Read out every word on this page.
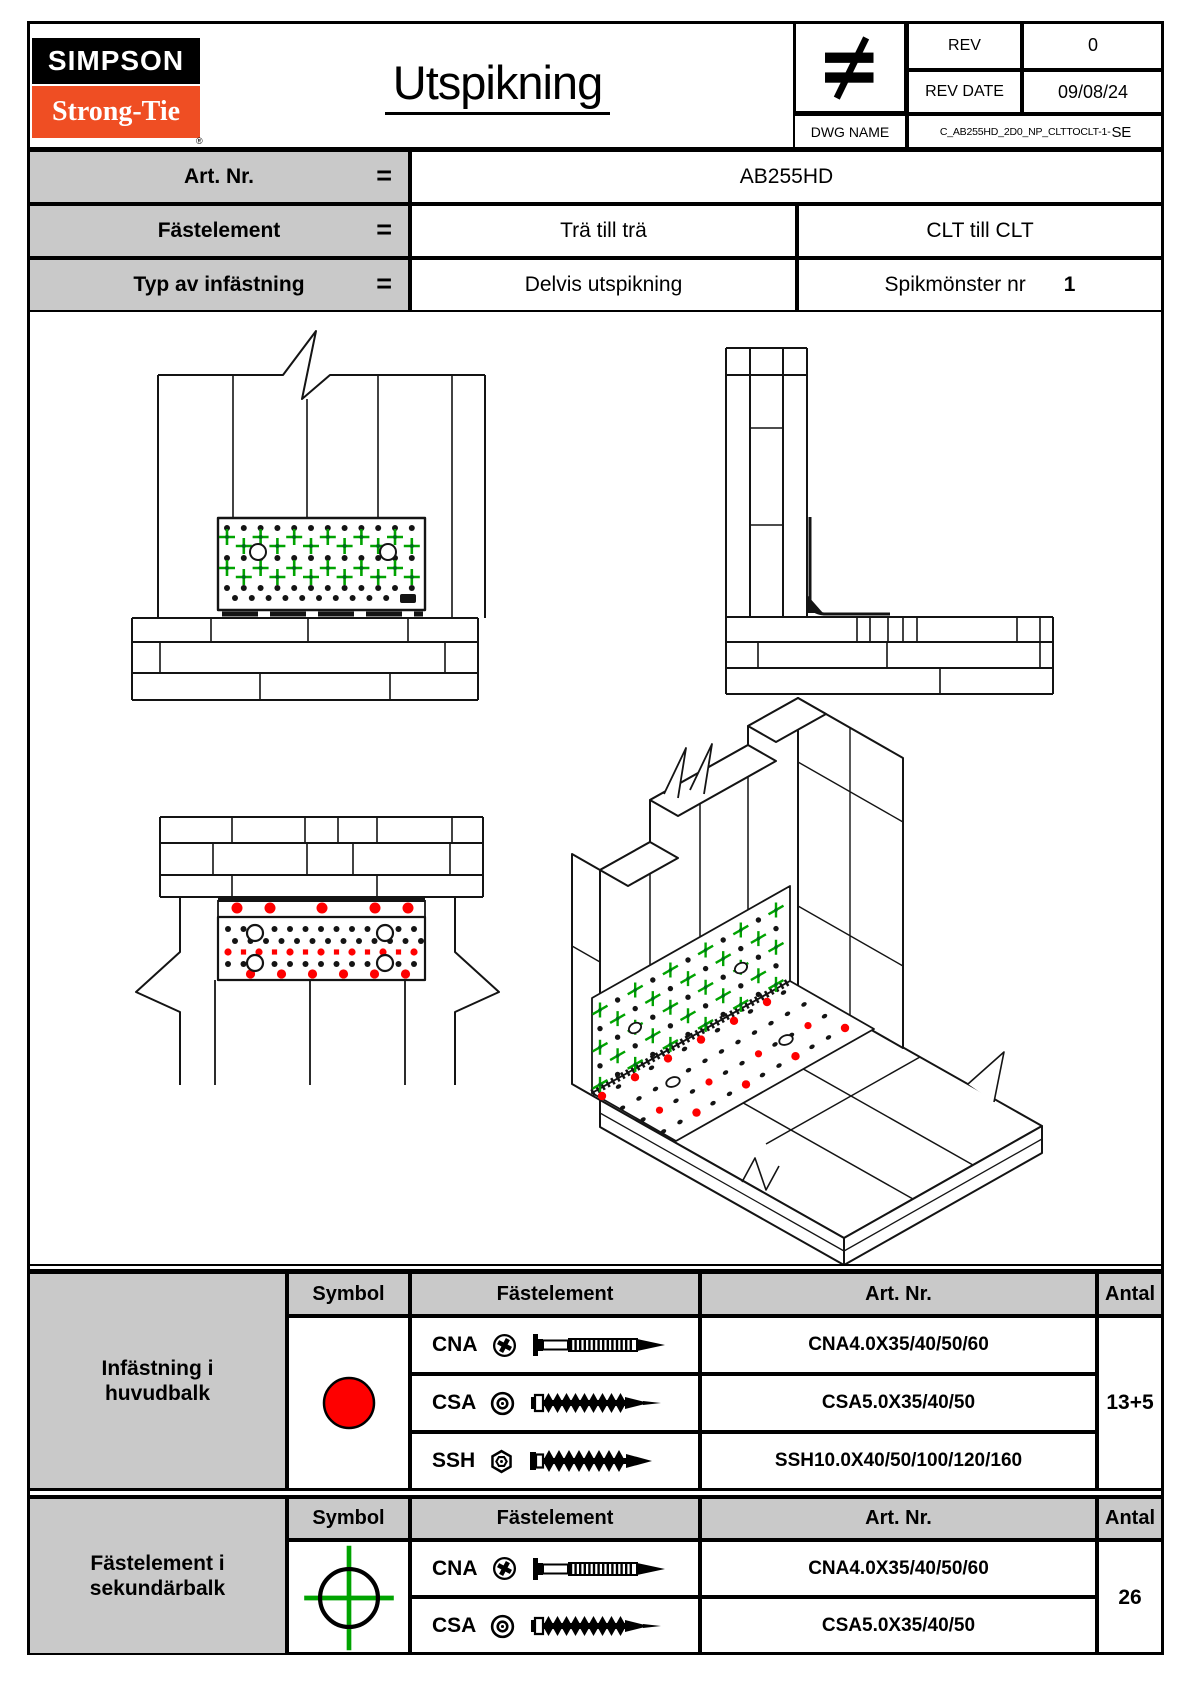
SIMPSON
Strong-Tie
®
Utspikning
REV	0
REV DATE	09/08/24
DWG NAME	C_AB255HD_2D0_NP_CLTTOCLT-1- SE
Art. Nr.	=	AB255HD
Fästelement	=	Trä till trä	CLT till CLT
Typ av infästning	=	Delvis utspikning	Spikmönster nr 1
Infästning i
huvudbalk
Symbol	Fästelement	Art. Nr.	Antal
CNA	CNA4.0X35/40/50/60
CSA	CSA5.0X35/40/50
SSH	SSH10.0X40/50/100/120/160
13+5
Fästelement i
sekundärbalk
Symbol	Fästelement	Art. Nr.	Antal
CNA	CNA4.0X35/40/50/60
CSA	CSA5.0X35/40/50
26
